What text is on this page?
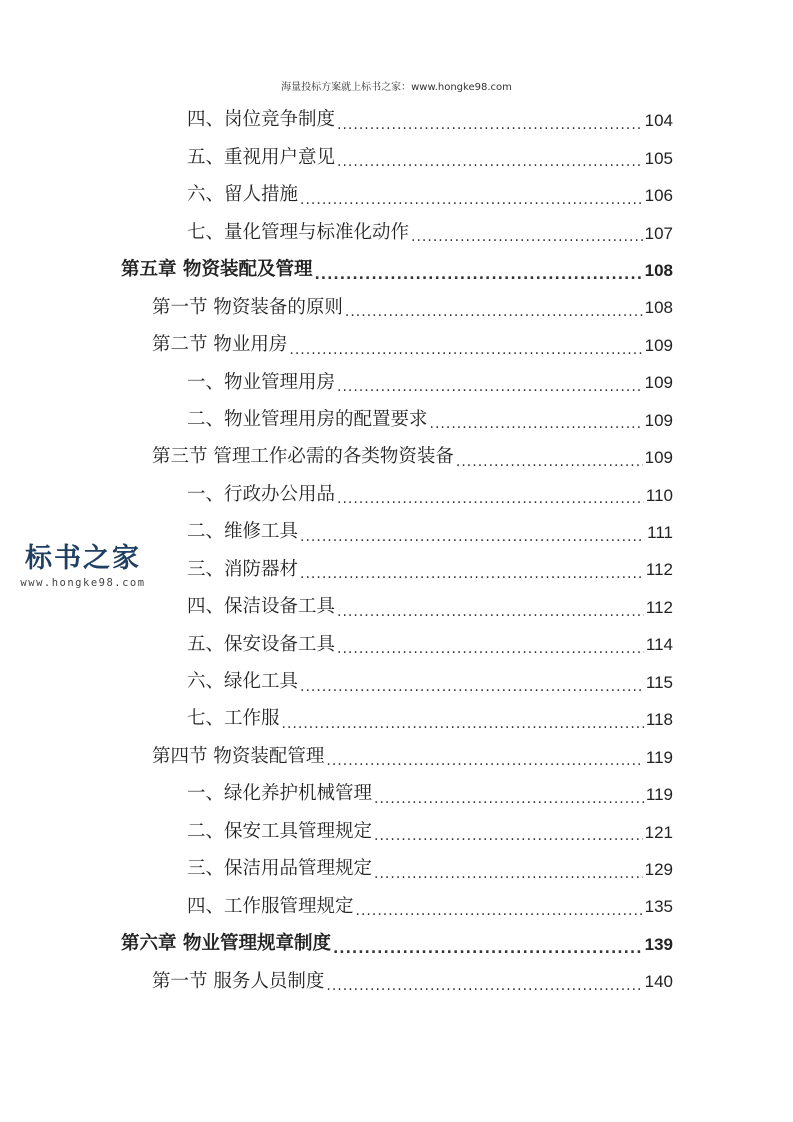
海量投标方案就上标书之家：www.hongke98.com
四、岗位竞争制度 .....	104
五、重视用户意见 .....	105
六、留人措施 .....	106
七、量化管理与标准化动作 .....	107
第五章 物资装配及管理 .....	108
第一节 物资装备的原则 .....	108
第二节 物业用房 .....	109
一、物业管理用房 .....	109
二、物业管理用房的配置要求 .....	109
第三节 管理工作必需的各类物资装备 .....	109
一、行政办公用品 .....	110
二、维修工具 .....	111
三、消防器材 .....	112
四、保洁设备工具 .....	112
五、保安设备工具 .....	114
六、绿化工具 .....	115
七、工作服 .....	118
第四节 物资装配管理 .....	119
一、绿化养护机械管理 .....	119
二、保安工具管理规定 .....	121
三、保洁用品管理规定 .....	129
四、工作服管理规定 .....	135
第六章 物业管理规章制度 .....	139
第一节 服务人员制度 .....	140
标书之家
www.hongke98.com
